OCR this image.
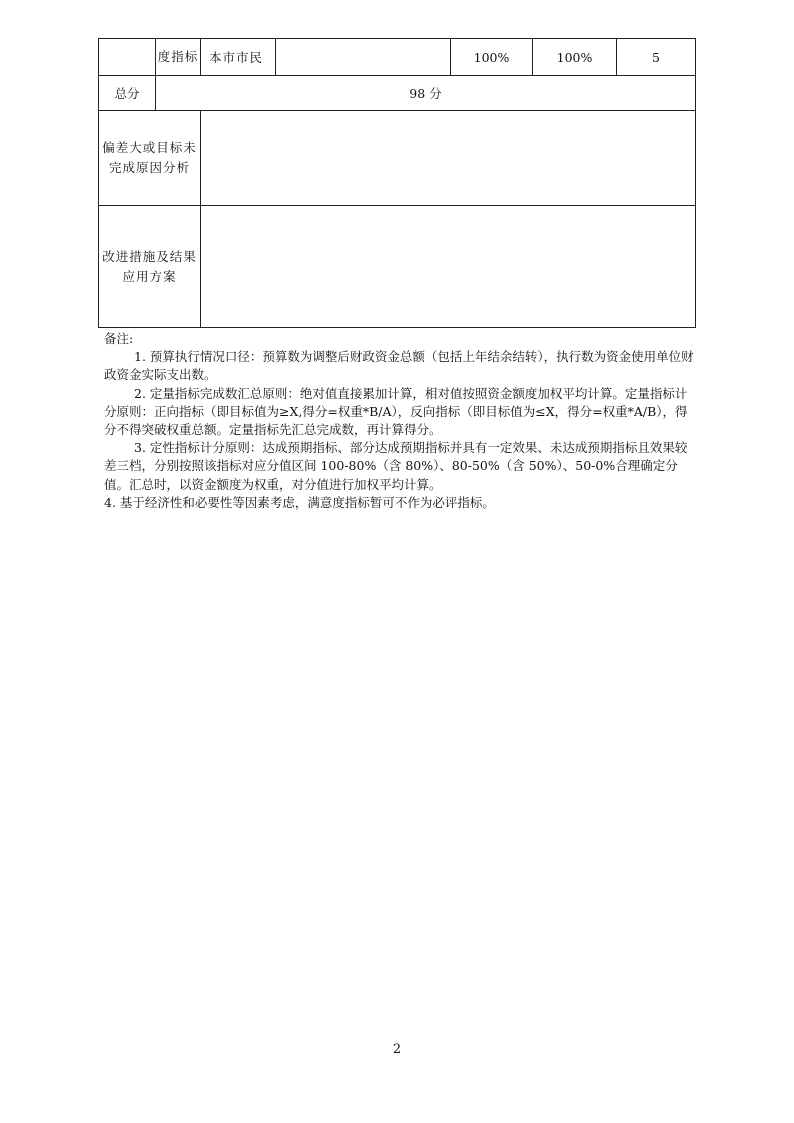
	度指标	本市市民		100%	100%	5
总分	98 分					

偏差大或目标未完成原因分析						

改进措施及结果应用方案						

备注:

1. 预算执行情况口径：预算数为调整后财政资金总额（包括上年结余结转），执行数为资金使用单位财政资金实际支出数。

2. 定量指标完成数汇总原则：绝对值直接累加计算，相对值按照资金额度加权平均计算。定量指标计分原则：正向指标（即目标值为≥X,得分=权重*B/A），反向指标（即目标值为≤X，得分=权重*A/B），得分不得突破权重总额。定量指标先汇总完成数，再计算得分。

3. 定性指标计分原则：达成预期指标、部分达成预期指标并具有一定效果、未达成预期指标且效果较差三档，分别按照该指标对应分值区间 100-80%（含 80%）、80-50%（含 50%）、50-0%合理确定分值。汇总时，以资金额度为权重，对分值进行加权平均计算。

4. 基于经济性和必要性等因素考虑，满意度指标暂可不作为必评指标。

2
